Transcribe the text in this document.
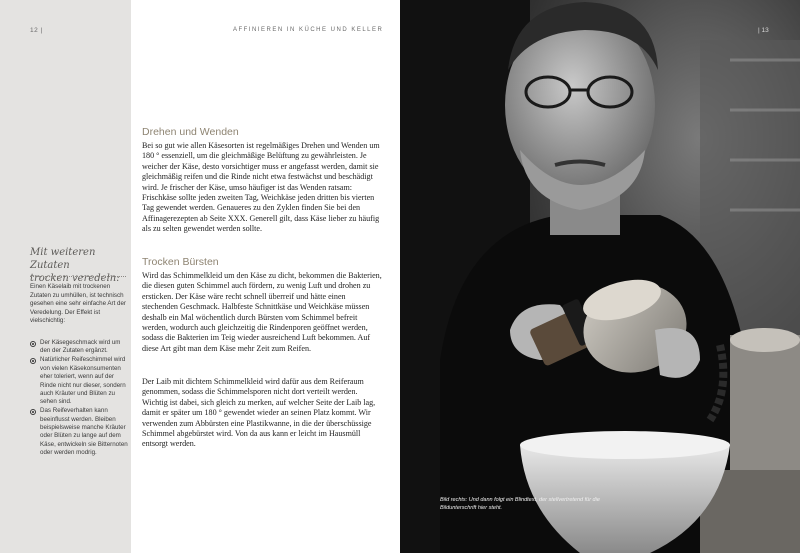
12 |	AFFINIEREN IN KÜCHE UND KELLER
Mit weiteren Zutaten
trocken veredeln:

Einen Käselaib mit trockenen Zutaten zu umhüllen, ist technisch gesehen eine sehr einfache Art der Veredelung. Der Effekt ist vielschichtig:

Der Käsegeschmack wird um den der Zutaten ergänzt.
Natürlicher Reifeschimmel wird von vielen Käsekonsumenten eher toleriert, wenn auf der Rinde nicht nur dieser, sondern auch Kräuter und Blüten zu sehen sind.
Das Reifeverhalten kann beeinflusst werden. Bleiben beispielsweise manche Kräuter oder Blüten zu lange auf dem Käse, entwickeln sie Bitternoten oder werden modrig.
Drehen und Wenden

Bei so gut wie allen Käsesorten ist regelmäßiges Drehen und Wenden um 180 ° essenziell, um die gleichmäßige Belüftung zu gewährleisten. Je weicher der Käse, desto vorsichtiger muss er angefasst werden, damit sie gleichmäßig reifen und die Rinde nicht etwa festwächst und beschädigt wird. Je frischer der Käse, umso häufiger ist das Wenden ratsam: Frischkäse sollte jeden zweiten Tag, Weichkäse jeden dritten bis vierten Tag gewendet werden. Genaueres zu den Zyklen finden Sie bei den Affinagerezepten ab Seite XXX. Generell gilt, dass Käse lieber zu häufig als zu selten gewendet werden sollte.

Trocken Bürsten

Wird das Schimmelkleid um den Käse zu dicht, bekommen die Bakterien, die diesen guten Schimmel auch fördern, zu wenig Luft und drohen zu ersticken. Der Käse wäre recht schnell überreif und hätte einen stechenden Geschmack. Halbfeste Schnittkäse und Weichkäse müssen deshalb ein Mal wöchentlich durch Bürsten vom Schimmel befreit werden, wodurch auch gleichzeitig die Rindenporen geöffnet werden, sodass die Bakterien im Teig wieder ausreichend Luft bekommen. Auf diese Art gibt man dem Käse mehr Zeit zum Reifen.

Der Laib mit dichtem Schimmelkleid wird dafür aus dem Reiferaum genommen, sodass die Schimmelsporen nicht dort verteilt werden. Wichtig ist dabei, sich gleich zu merken, auf welcher Seite der Laib lag, damit er später um 180 ° gewendet wieder an seinen Platz kommt. Wir verwenden zum Abbürsten eine Plastikwanne, in die der überschüssige Schimmel abgebürstet wird. Von da aus kann er leicht im Hausmüll entsorgt werden.

| 13

Bild rechts: Und dann folgt ein Blindtext, der stellvertretend für die Bildunterschrift hier steht.
